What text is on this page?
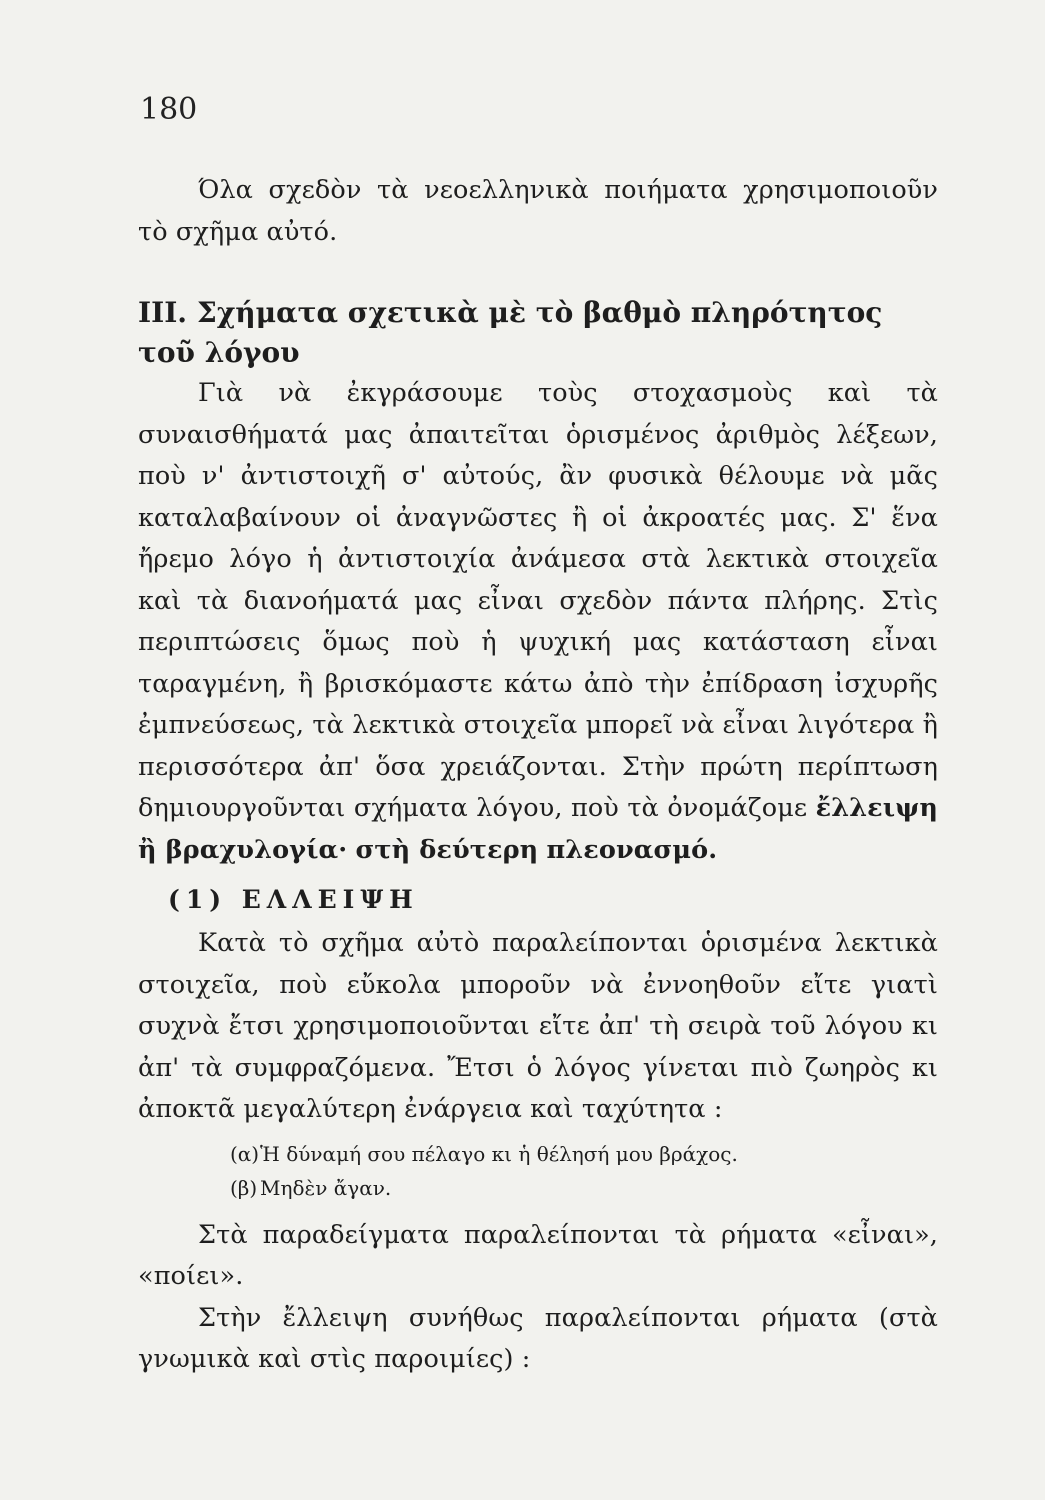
180

Όλα σχεδὸν τὰ νεοελληνικὰ ποιήματα χρησιμοποιοῦν τὸ σχῆμα αὐτό.

III. Σχήματα σχετικὰ μὲ τὸ βαθμὸ πληρότητος τοῦ λόγου

Γιὰ νὰ ἐκγράσουμε τοὺς στοχασμοὺς καὶ τὰ συναισθήματά μας ἀπαιτεῖται ὁρισμένος ἀριθμὸς λέξεων, ποὺ ν' ἀντιστοιχῆ σ' αὐτούς, ἂν φυσικὰ θέλουμε νὰ μᾶς καταλαβαίνουν οἱ ἀναγνῶστες ἢ οἱ ἀκροατές μας. Σ' ἕνα ἤρεμο λόγο ἡ ἀντιστοιχία ἀνάμεσα στὰ λεκτικὰ στοιχεῖα καὶ τὰ διανοήματά μας εἶναι σχεδὸν πάντα πλήρης. Στὶς περιπτώσεις ὅμως ποὺ ἡ ψυχική μας κατάσταση εἶναι ταραγμένη, ἢ βρισκόμαστε κάτω ἀπὸ τὴν ἐπίδραση ἰσχυρῆς ἐμπνεύσεως, τὰ λεκτικὰ στοιχεῖα μπορεῖ νὰ εἶναι λιγότερα ἢ περισσότερα ἀπ' ὅσα χρειάζονται. Στὴν πρώτη περίπτωση δημιουργοῦνται σχήματα λόγου, ποὺ τὰ ὀνομάζομε ἔλλειψη ἢ βραχυλογία· στὴ δεύτερη πλεονασμό.

(1) ΕΛΛΕΙΨΗ

Κατὰ τὸ σχῆμα αὐτὸ παραλείπονται ὁρισμένα λεκτικὰ στοιχεῖα, ποὺ εὔκολα μποροῦν νὰ ἐννοηθοῦν εἴτε γιατὶ συχνὰ ἔτσι χρησιμοποιοῦνται εἴτε ἀπ' τὴ σειρὰ τοῦ λόγου κι ἀπ' τὰ συμφραζόμενα. Ἔτσι ὁ λόγος γίνεται πιὸ ζωηρὸς κι ἀποκτᾶ μεγαλύτερη ἐνάργεια καὶ ταχύτητα :

(α)Ἡ δύναμή σου πέλαγο κι ἡ θέλησή μου βράχος.
(β) Μηδὲν ἄγαν.

Στὰ παραδείγματα παραλείπονται τὰ ρήματα «εἶναι», «ποίει».

Στὴν ἔλλειψη συνήθως παραλείπονται ρήματα (στὰ γνωμικὰ καὶ στὶς παροιμίες) :
